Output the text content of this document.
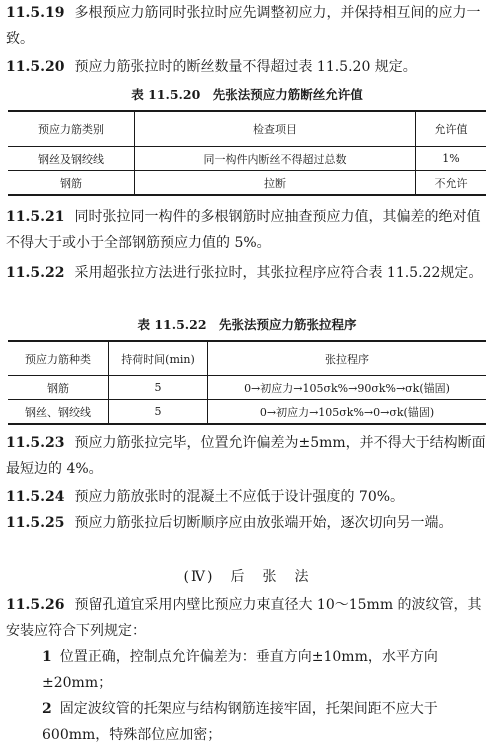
11.5.19 多根预应力筋同时张拉时应先调整初应力，并保持相互间的应力一致。
11.5.20 预应力筋张拉时的断丝数量不得超过表 11.5.20 规定。
表 11.5.20　先张法预应力筋断丝允许值
预应力筋类别	检查项目	允许值
钢丝及钢绞线	同一构件内断丝不得超过总数	1%
钢筋	拉断	不允许
11.5.21 同时张拉同一构件的多根钢筋时应抽查预应力值，其偏差的绝对值不得大于或小于全部钢筋预应力值的 5%。
11.5.22 采用超张拉方法进行张拉时，其张拉程序应符合表 11.5.22规定。
表 11.5.22　先张法预应力筋张拉程序
预应力筋种类	持荷时间(min)	张拉程序
钢筋	5	0→初应力→105σk%→90σk%→σk(锚固)
钢丝、钢绞线	5	0→初应力→105σk%→0→σk(锚固)
11.5.23 预应力筋张拉完毕，位置允许偏差为±5mm，并不得大于结构断面最短边的 4%。
11.5.24 预应力筋放张时的混凝土不应低于设计强度的 70%。
11.5.25 预应力筋张拉后切断顺序应由放张端开始，逐次切向另一端。
(Ⅳ)　后　张　法
11.5.26 预留孔道宜采用内壁比预应力束直径大 10～15mm 的波纹管，其安装应符合下列规定：
1 位置正确，控制点允许偏差为：垂直方向±10mm，水平方向±20mm；
2 固定波纹管的托架应与结构钢筋连接牢固，托架间距不应大于 600mm，特殊部位应加密；
